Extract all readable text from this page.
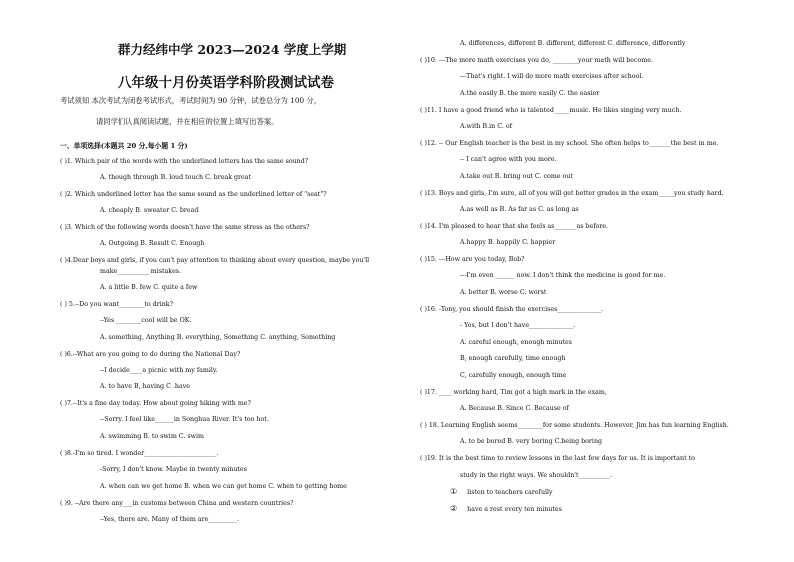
群力经纬中学 2023—2024 学度上学期
八年级十月份英语学科阶段测试试卷
考试须知 本次考试为闭卷考试形式，考试时间为 90 分钟，试卷总分为 100 分，
请同学们认真阅读试题，并在相应的位置上填写出答案。
一、单项选择(本题共 20 分,每小题 1 分)
( )1. Which pair of the words with the underlined letters has the same sound?
A. though through B. loud touch C. break great
( )2. Which underlined letter has the same sound as the underlined letter of "seat"?
A. cheaply B. sweater C. bread
( )3. Which of the following words doesn't have the same stress as the others?
A. Outgoing B. Result C. Enough
( )4.Dear boys and girls, if you can't pay attention to thinking about every question, maybe you'll
make__________ mistakes.
A. a little B. few C. quite a few
( ) 5.--Do you want________to drink?
--Yes ________cool will be OK.
A. something, Anything B. everything, Something C. anything, Something
( )6.--What are you going to do during the National Day?
--I decide____a picnic with my family.
A. to have B, having C .have
( )7.--It's a fine day today. How about going hiking with me?
--Sorry. I feel like______in Songhua River. It's too hot.
A. swimming B. to swim C. swim
( )8.-I'm so tired. I wonder_______________________.
-Sorry, I don't know. Maybe in twenty minutes
A. when can we get home B. when we can get home C. when to getting home
( )9. --Are there any___in customs between China and western countries?
--Yes, there are. Many of them are_________.
A. differences, different B. different, different C. difference, differently
( )10. ---The more math exercises you do, ________your math will become.
---That's right. I will do more math exercises after school.
A.the easily B. the more easily C. the easier
( )11. I have a good friend who is talented_____music. He likes singing very much.
A.with B.in C. of
( )12. -- Our English teacher is the best in my school. She often helps to_______the best in me.
-- I can't agree with you more.
A.take out B. bring out C. come out
( )13. Boys and girls, I'm sure, all of you will get better grades in the exam_____you study hard.
A.as well as B. As far as C. as long as
( )14. I'm pleased to hear that she feels as_______as before.
A.happy B. happily C. happier
( )15. ---How are you today, Bob?
---I'm even ______ now. I don't think the medicine is good for me.
A. better B. worse C. worst
( )16. -Tony, you should finish the exercises______________.
- Yes, but I don't have______________.
A. careful enough, enough minutes
B, enough carefully, time enough
C, carefully enough, enough time
( )17. ____ working hard, Tim got a high mark in the exam,
A. Because B. Since C. Because of
( ) 18. Learning English seems________for some students. However, Jim has fun learning English.
A. to be bored B. very boring C.being boring
( )19. It is the best time to review lessons in the last few days for us. It is important to
study in the right ways. We shouldn't__________.
① listen to teachers carefully
② have a rest every ten minutes
